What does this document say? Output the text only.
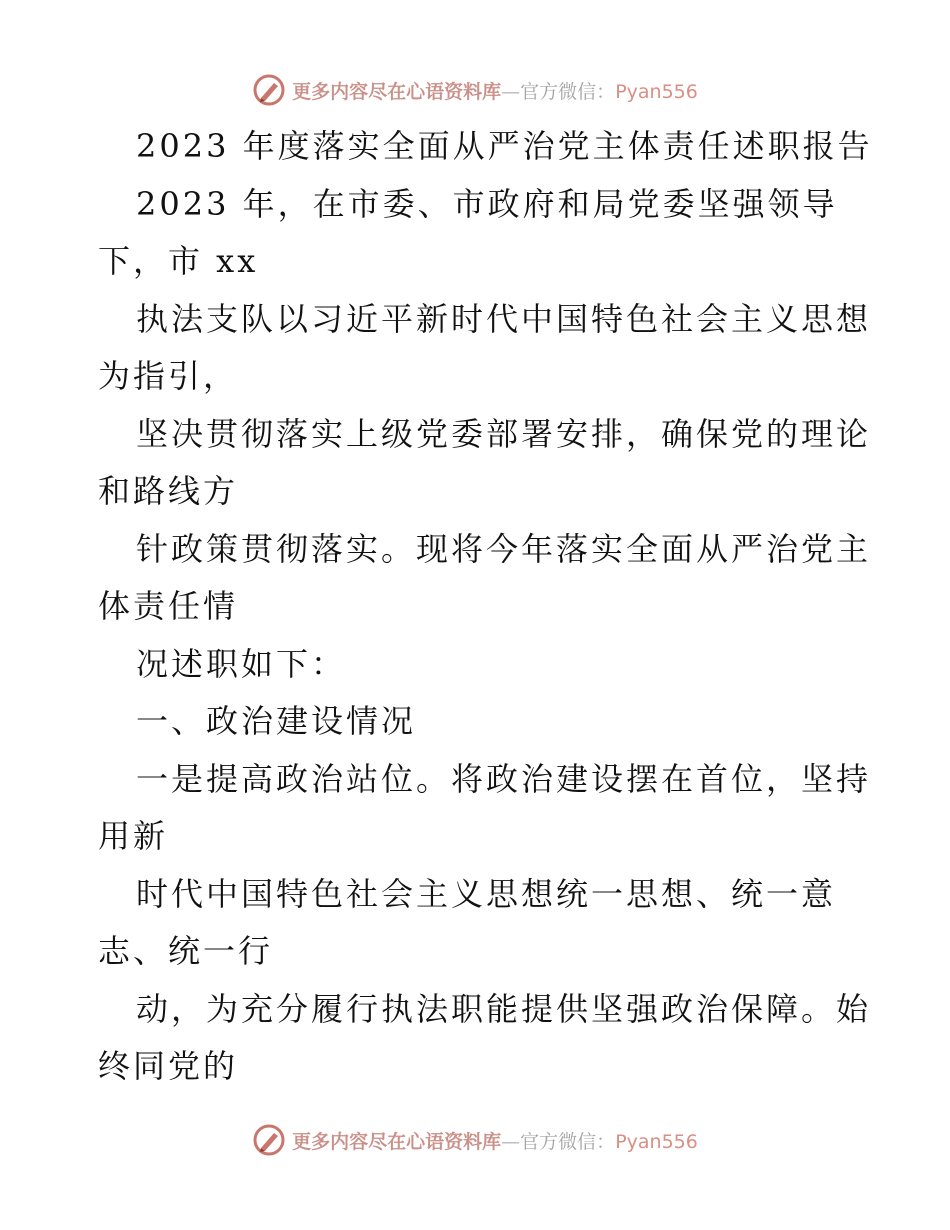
更多内容尽在心语资料库—官方微信：Pyan556
2023 年度落实全面从严治党主体责任述职报告
2023 年，在市委、市政府和局党委坚强领导
下，市 xx
执法支队以习近平新时代中国特色社会主义思想
为指引，
坚决贯彻落实上级党委部署安排，确保党的理论
和路线方
针政策贯彻落实。现将今年落实全面从严治党主
体责任情
况述职如下：
一、政治建设情况
一是提高政治站位。将政治建设摆在首位，坚持
用新
时代中国特色社会主义思想统一思想、统一意
志、统一行
动，为充分履行执法职能提供坚强政治保障。始
终同党的
更多内容尽在心语资料库—官方微信：Pyan556
